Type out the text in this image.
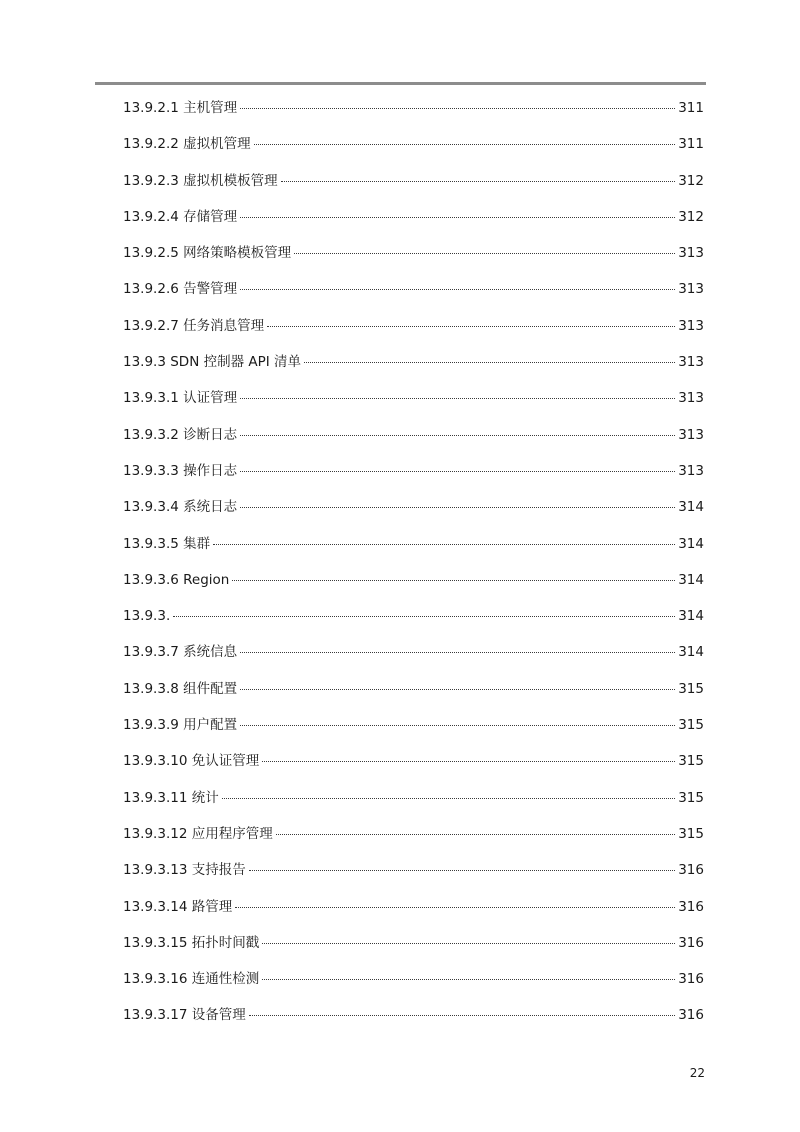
13.9.2.1 主机管理	311
13.9.2.2 虚拟机管理	311
13.9.2.3 虚拟机模板管理	312
13.9.2.4 存储管理	312
13.9.2.5 网络策略模板管理	313
13.9.2.6 告警管理	313
13.9.2.7 任务消息管理	313
13.9.3 SDN 控制器 API 清单	313
13.9.3.1 认证管理	313
13.9.3.2 诊断日志	313
13.9.3.3 操作日志	313
13.9.3.4 系统日志	314
13.9.3.5 集群	314
13.9.3.6 Region	314
13.9.3.	314
13.9.3.7 系统信息	314
13.9.3.8 组件配置	315
13.9.3.9 用户配置	315
13.9.3.10 免认证管理	315
13.9.3.11 统计	315
13.9.3.12 应用程序管理	315
13.9.3.13 支持报告	316
13.9.3.14 路管理	316
13.9.3.15 拓扑时间戳	316
13.9.3.16 连通性检测	316
13.9.3.17 设备管理	316
22
